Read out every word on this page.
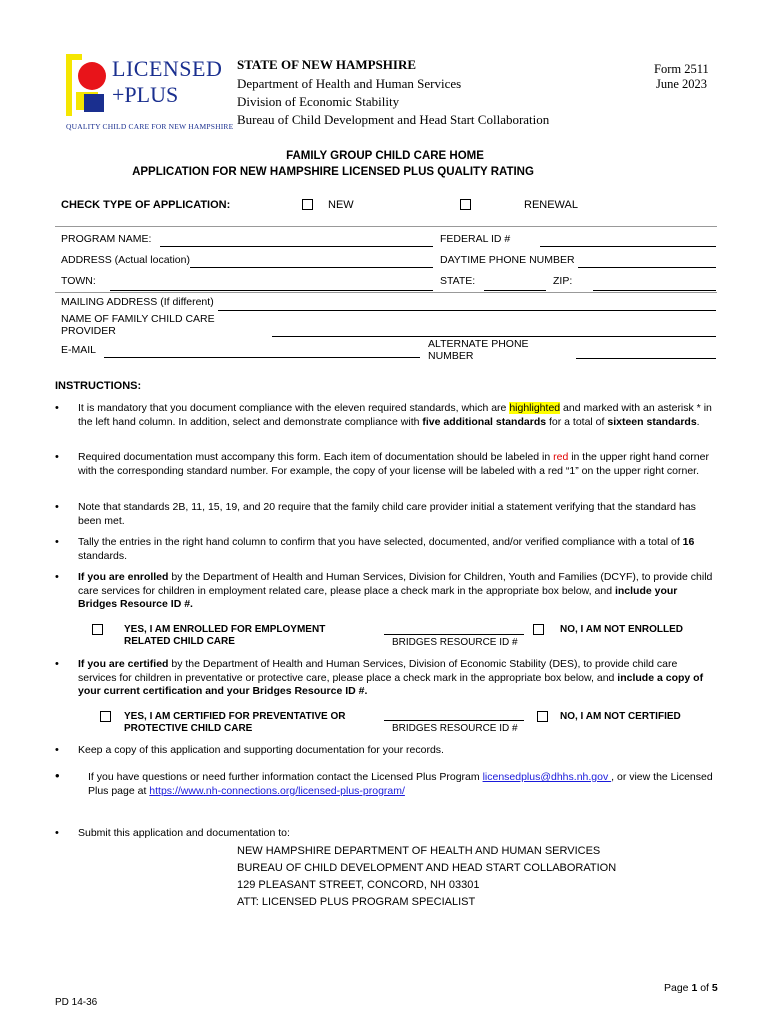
LICENSED
+PLUS
QUALITY CHILD CARE FOR NEW HAMPSHIRE
STATE OF NEW HAMPSHIRE
Department of Health and Human Services
Division of Economic Stability
Bureau of Child Development and Head Start Collaboration
Form 2511
June 2023
FAMILY GROUP CHILD CARE HOME
APPLICATION FOR NEW HAMPSHIRE LICENSED PLUS QUALITY RATING
CHECK TYPE OF APPLICATION:	NEW	RENEWAL
PROGRAM NAME:	FEDERAL ID #
ADDRESS (Actual location)	DAYTIME PHONE NUMBER
TOWN:	STATE:	ZIP:
MAILING ADDRESS (If different)
NAME OF FAMILY CHILD CARE
PROVIDER
E-MAIL	ALTERNATE PHONE
NUMBER
INSTRUCTIONS:
• It is mandatory that you document compliance with the eleven required standards, which are highlighted and marked with an asterisk * in the left hand column. In addition, select and demonstrate compliance with five additional standards for a total of sixteen standards.
• Required documentation must accompany this form. Each item of documentation should be labeled in red in the upper right hand corner with the corresponding standard number. For example, the copy of your license will be labeled with a red “1” on the upper right corner.
• Note that standards 2B, 11, 15, 19, and 20 require that the family child care provider initial a statement verifying that the standard has been met.
• Tally the entries in the right hand column to confirm that you have selected, documented, and/or verified compliance with a total of 16 standards.
• If you are enrolled by the Department of Health and Human Services, Division for Children, Youth and Families (DCYF), to provide child care services for children in employment related care, please place a check mark in the appropriate box below, and include your Bridges Resource ID #.
YES, I AM ENROLLED FOR EMPLOYMENT
RELATED CHILD CARE	BRIDGES RESOURCE ID #
NO, I AM NOT ENROLLED
• If you are certified by the Department of Health and Human Services, Division of Economic Stability (DES), to provide child care services for children in preventative or protective care, please place a check mark in the appropriate box below, and include a copy of your current certification and your Bridges Resource ID #.
YES, I AM CERTIFIED FOR PREVENTATIVE OR
PROTECTIVE CHILD CARE	BRIDGES RESOURCE ID #
NO, I AM NOT CERTIFIED
• Keep a copy of this application and supporting documentation for your records.
•	If you have questions or need further information contact the Licensed Plus Program licensedplus@dhhs.nh.gov , or view the Licensed Plus page at https://www.nh-connections.org/licensed-plus-program/
• Submit this application and documentation to:
NEW HAMPSHIRE DEPARTMENT OF HEALTH AND HUMAN SERVICES
BUREAU OF CHILD DEVELOPMENT AND HEAD START COLLABORATION
129 PLEASANT STREET, CONCORD, NH 03301
ATT: LICENSED PLUS PROGRAM SPECIALIST
Page 1 of 5
PD 14-36
